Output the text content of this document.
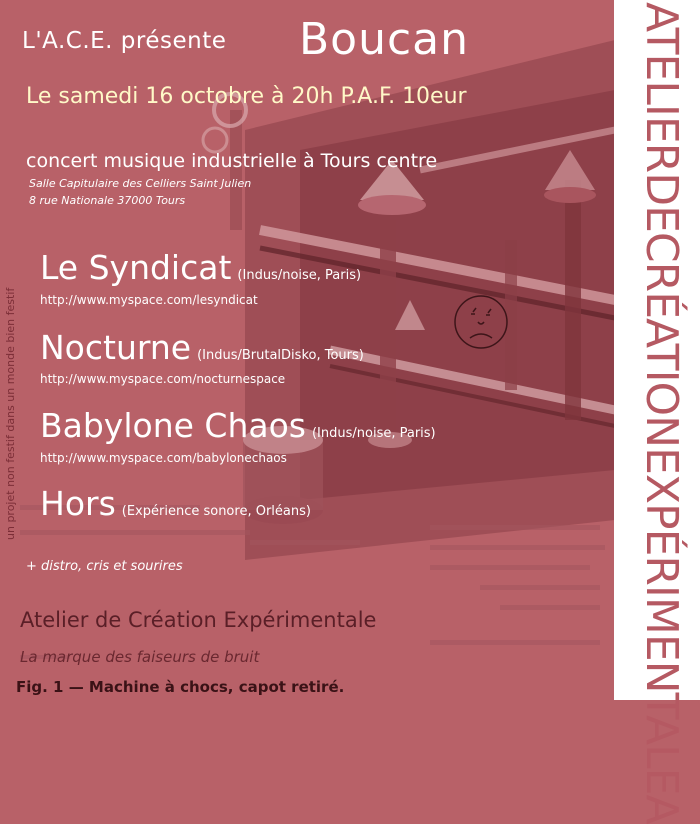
ATELIERDECRÉATIONEXPÉRIMENTALEA
L'A.C.E. présente Boucan
Le samedi 16 octobre à 20h P.A.F. 10eur
concert musique industrielle à Tours centre
Salle Capitulaire des Celliers Saint Julien
8 rue Nationale 37000 Tours
Le Syndicat (Indus/noise, Paris)
http://www.myspace.com/lesyndicat
Nocturne (Indus/BrutalDisko, Tours)
http://www.myspace.com/nocturnespace
Babylone Chaos (Indus/noise, Paris)
http://www.myspace.com/babylonechaos
Hors (Expérience sonore, Orléans)
+ distro, cris et sourires
un projet non festif dans un monde bien festif
Atelier de Création Expérimentale
La marque des faiseurs de bruit
Fig. 1 — Machine à chocs, capot retiré.
